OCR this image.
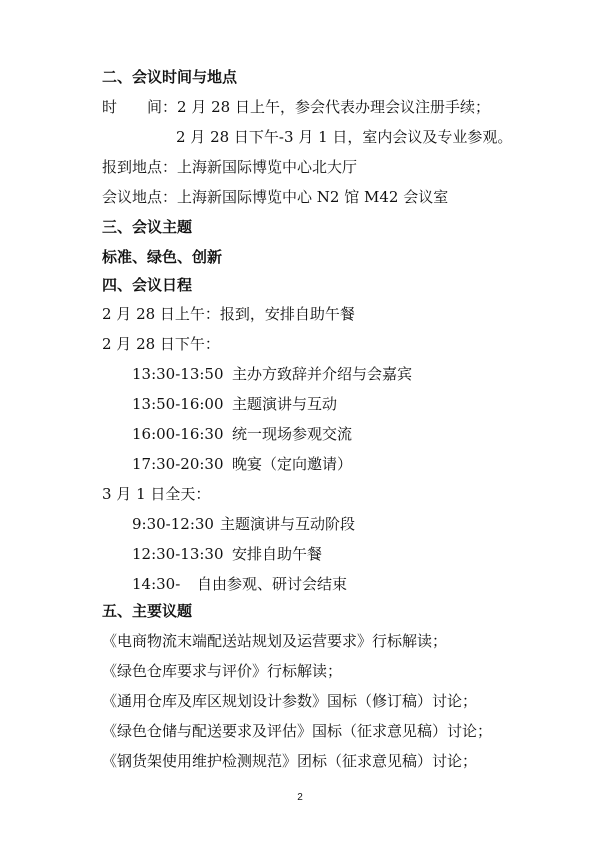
二、会议时间与地点
时　　间：2 月 28 日上午，参会代表办理会议注册手续；
2 月 28 日下午-3 月 1 日，室内会议及专业参观。
报到地点：上海新国际博览中心北大厅
会议地点：上海新国际博览中心 N2 馆 M42 会议室
三、会议主题
标准、绿色、创新
四、会议日程
2 月 28 日上午：报到，安排自助午餐
2 月 28 日下午：
13:30-13:50 主办方致辞并介绍与会嘉宾
13:50-16:00 主题演讲与互动
16:00-16:30 统一现场参观交流
17:30-20:30 晚宴（定向邀请）
3 月 1 日全天：
9:30-12:30 主题演讲与互动阶段
12:30-13:30 安排自助午餐
14:30- 自由参观、研讨会结束
五、主要议题
《电商物流末端配送站规划及运营要求》行标解读；
《绿色仓库要求与评价》行标解读；
《通用仓库及库区规划设计参数》国标（修订稿）讨论；
《绿色仓储与配送要求及评估》国标（征求意见稿）讨论；
《钢货架使用维护检测规范》团标（征求意见稿）讨论；
2
